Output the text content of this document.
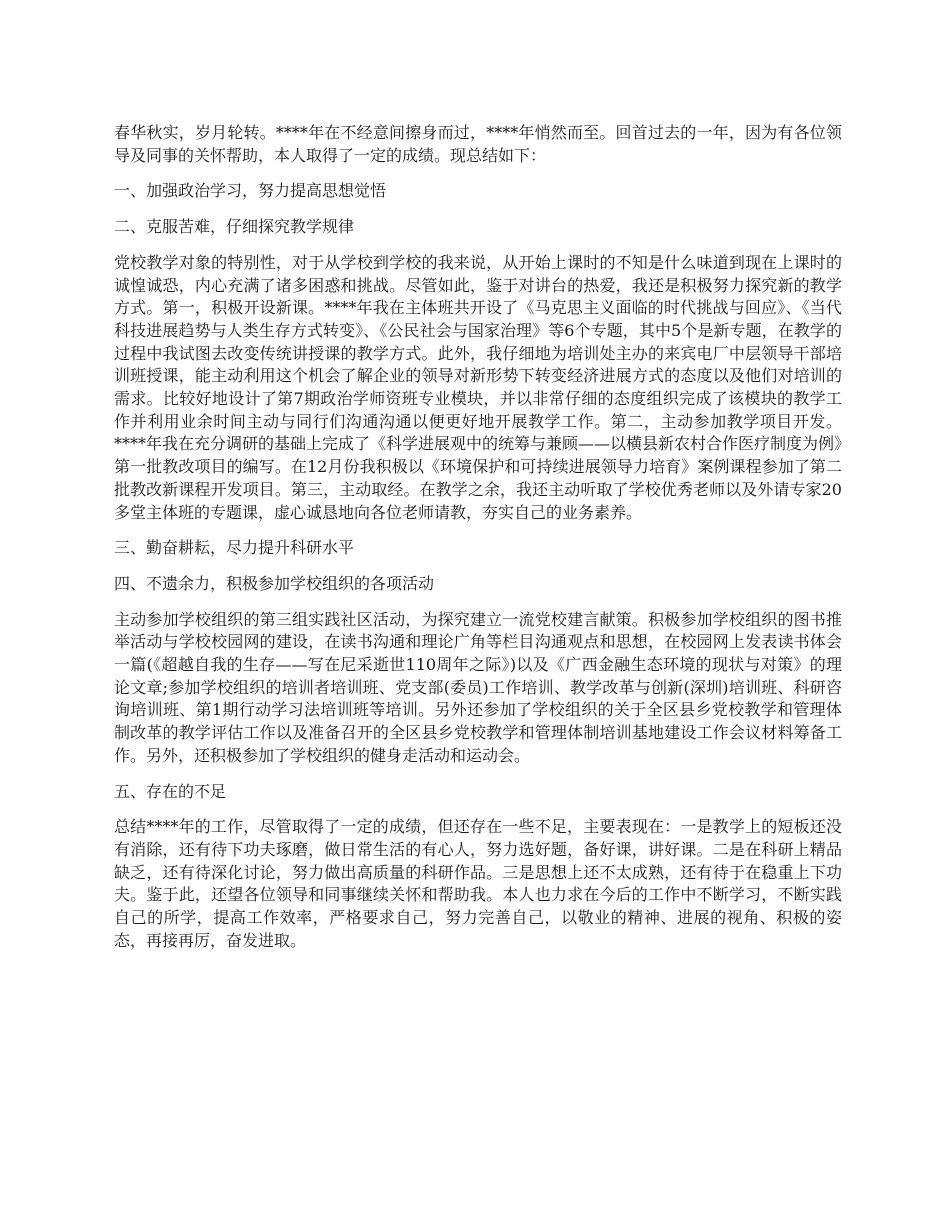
春华秋实，岁月轮转。****年在不经意间擦身而过，****年悄然而至。回首过去的一年，因为有各位领导及同事的关怀帮助，本人取得了一定的成绩。现总结如下：

一、加强政治学习，努力提高思想觉悟

二、克服苦难，仔细探究教学规律

党校教学对象的特别性，对于从学校到学校的我来说，从开始上课时的不知是什么味道到现在上课时的诚惶诚恐，内心充满了诸多困惑和挑战。尽管如此，鉴于对讲台的热爱，我还是积极努力探究新的教学方式。第一，积极开设新课。****年我在主体班共开设了《马克思主义面临的时代挑战与回应》、《当代科技进展趋势与人类生存方式转变》、《公民社会与国家治理》等6个专题，其中5个是新专题，在教学的过程中我试图去改变传统讲授课的教学方式。此外，我仔细地为培训处主办的来宾电厂中层领导干部培训班授课，能主动利用这个机会了解企业的领导对新形势下转变经济进展方式的态度以及他们对培训的需求。比较好地设计了第7期政治学师资班专业模块，并以非常仔细的态度组织完成了该模块的教学工作并利用业余时间主动与同行们沟通沟通以便更好地开展教学工作。第二，主动参加教学项目开发。****年我在充分调研的基础上完成了《科学进展观中的统筹与兼顾——以横县新农村合作医疗制度为例》第一批教改项目的编写。在12月份我积极以《环境保护和可持续进展领导力培育》案例课程参加了第二批教改新课程开发项目。第三，主动取经。在教学之余，我还主动听取了学校优秀老师以及外请专家20多堂主体班的专题课，虚心诚恳地向各位老师请教，夯实自己的业务素养。

三、勤奋耕耘，尽力提升科研水平

四、不遗余力，积极参加学校组织的各项活动

主动参加学校组织的第三组实践社区活动，为探究建立一流党校建言献策。积极参加学校组织的图书推举活动与学校校园网的建设，在读书沟通和理论广角等栏目沟通观点和思想，在校园网上发表读书体会一篇(《超越自我的生存——写在尼采逝世110周年之际》)以及《广西金融生态环境的现状与对策》的理论文章;参加学校组织的培训者培训班、党支部(委员)工作培训、教学改革与创新(深圳)培训班、科研咨询培训班、第1期行动学习法培训班等培训。另外还参加了学校组织的关于全区县乡党校教学和管理体制改革的教学评估工作以及准备召开的全区县乡党校教学和管理体制培训基地建设工作会议材料筹备工作。另外，还积极参加了学校组织的健身走活动和运动会。

五、存在的不足

总结****年的工作，尽管取得了一定的成绩，但还存在一些不足，主要表现在：一是教学上的短板还没有消除，还有待下功夫琢磨，做日常生活的有心人，努力选好题，备好课，讲好课。二是在科研上精品缺乏，还有待深化讨论，努力做出高质量的科研作品。三是思想上还不太成熟，还有待于在稳重上下功夫。鉴于此，还望各位领导和同事继续关怀和帮助我。本人也力求在今后的工作中不断学习，不断实践自己的所学，提高工作效率，严格要求自己，努力完善自己，以敬业的精神、进展的视角、积极的姿态，再接再厉，奋发进取。
